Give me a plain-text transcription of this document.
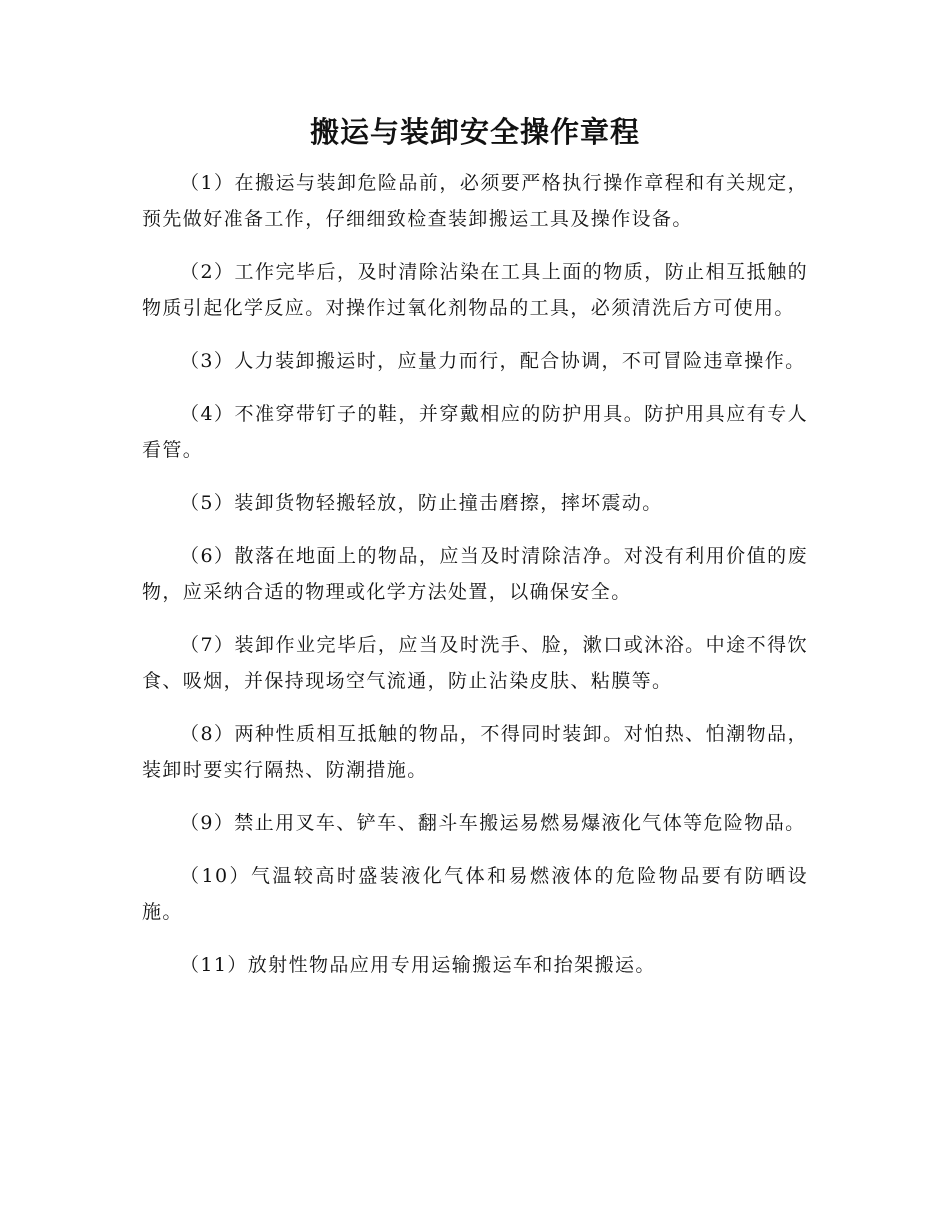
搬运与装卸安全操作章程

（1）在搬运与装卸危险品前，必须要严格执行操作章程和有关规定，预先做好准备工作，仔细细致检查装卸搬运工具及操作设备。

（2）工作完毕后，及时清除沾染在工具上面的物质，防止相互抵触的物质引起化学反应。对操作过氧化剂物品的工具，必须清洗后方可使用。

（3）人力装卸搬运时，应量力而行，配合协调，不可冒险违章操作。

（4）不准穿带钉子的鞋，并穿戴相应的防护用具。防护用具应有专人看管。

（5）装卸货物轻搬轻放，防止撞击磨擦，摔坏震动。

（6）散落在地面上的物品，应当及时清除洁净。对没有利用价值的废物，应采纳合适的物理或化学方法处置，以确保安全。

（7）装卸作业完毕后，应当及时洗手、脸，漱口或沐浴。中途不得饮食、吸烟，并保持现场空气流通，防止沾染皮肤、粘膜等。

（8）两种性质相互抵触的物品，不得同时装卸。对怕热、怕潮物品，装卸时要实行隔热、防潮措施。

（9）禁止用叉车、铲车、翻斗车搬运易燃易爆液化气体等危险物品。

（10）气温较高时盛装液化气体和易燃液体的危险物品要有防晒设施。

（11）放射性物品应用专用运输搬运车和抬架搬运。
